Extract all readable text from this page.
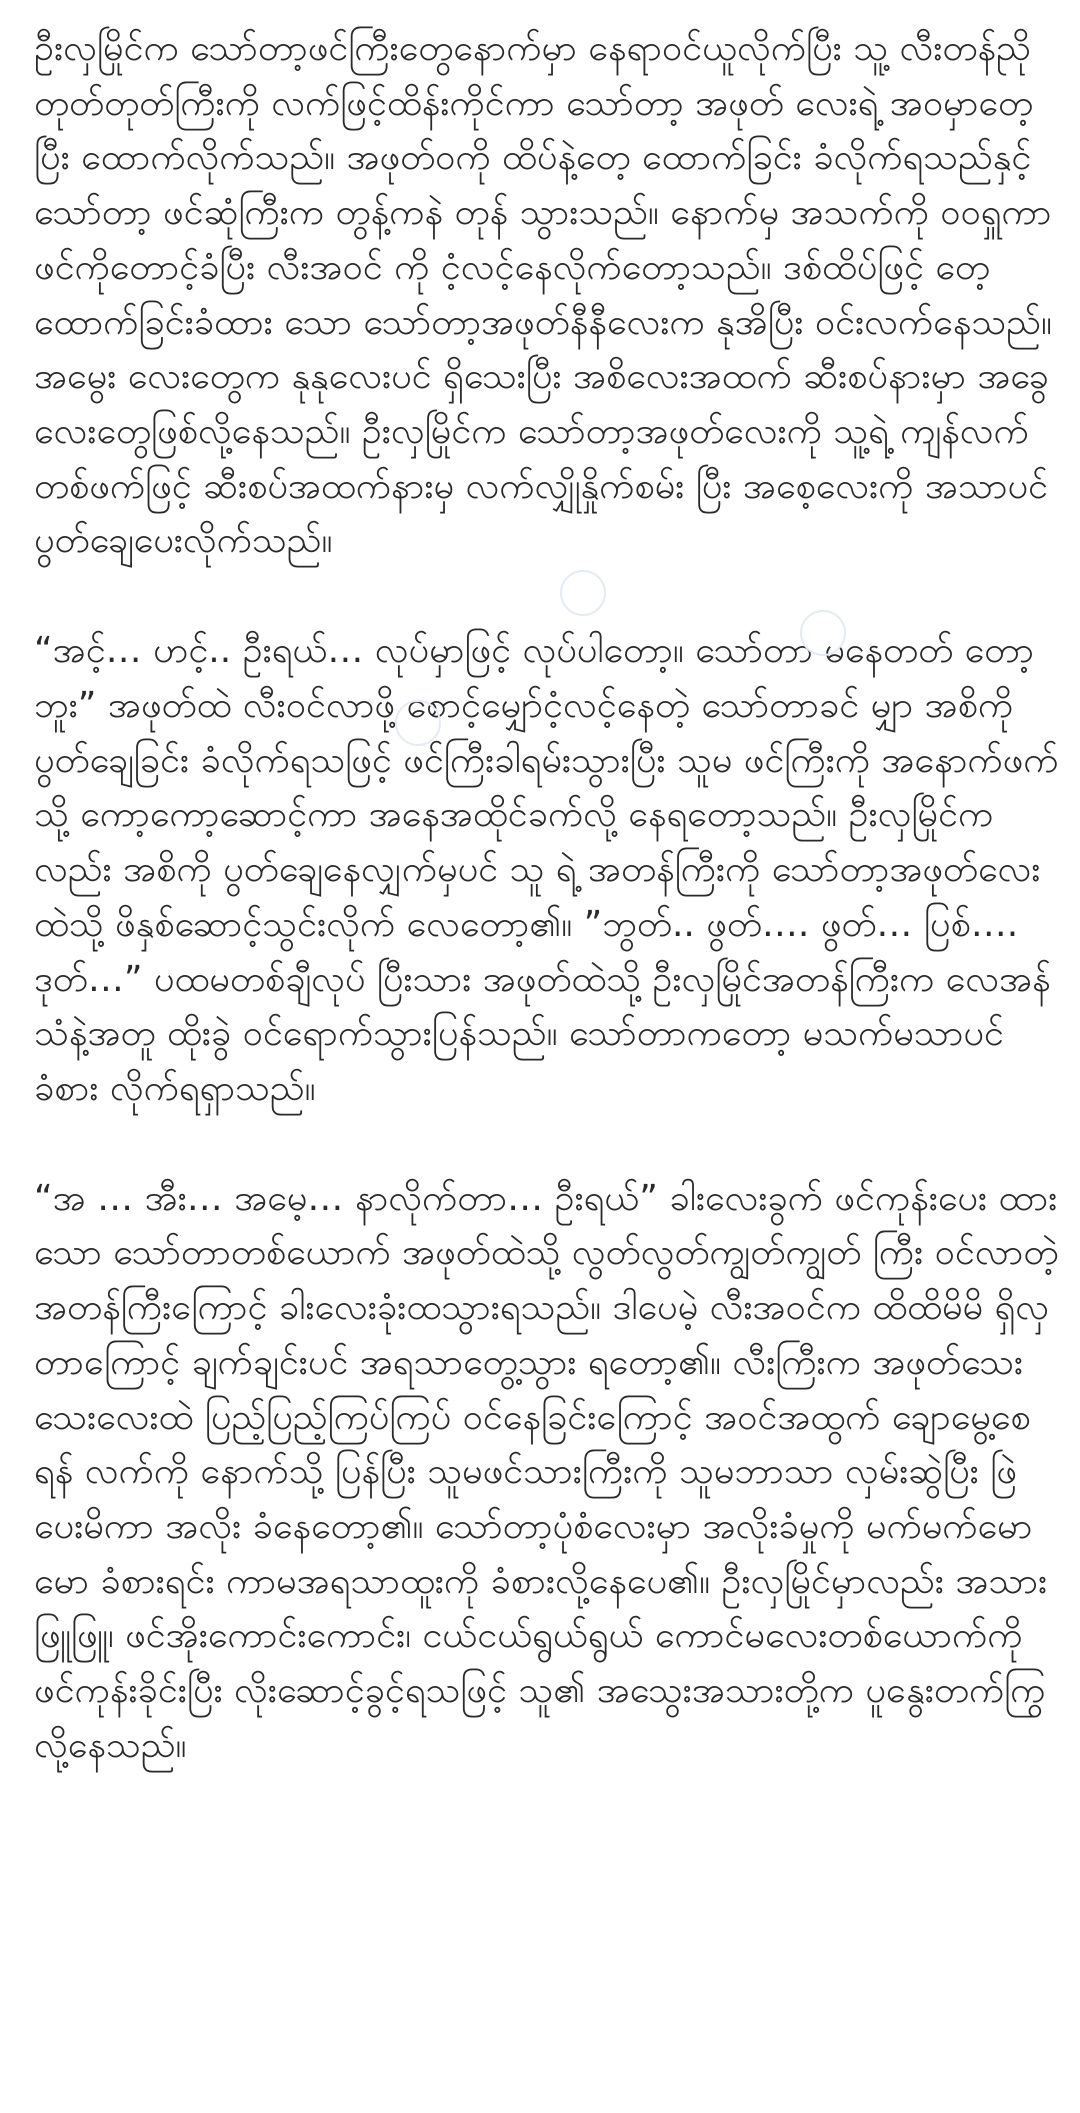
ဦးလှမြိုင်က သော်တာ့ဖင်ကြီးတွေနောက်မှာ နေရာဝင်ယူလိုက်ပြီး သူ့ လီးတန်ညိုတုတ်တုတ်ကြီးကို လက်ဖြင့်ထိန်းကိုင်ကာ သော်တာ့ အဖုတ် လေးရဲ့ အဝမှာတေ့ပြီး ထောက်လိုက်သည်။ အဖုတ်ဝကို ထိပ်နဲ့တေ့ ထောက်ခြင်း ခံလိုက်ရသည်နှင့် သော်တာ့ ဖင်ဆုံကြီးက တွန့်ကနဲ တုန် သွားသည်။ နောက်မှ အသက်ကို ဝဝရှူကာ ဖင်ကိုတောင့်ခံပြီး လီးအဝင် ကို ငံ့လင့်နေလိုက်တော့သည်။ ဒစ်ထိပ်ဖြင့် တေ့ထောက်ခြင်းခံထား သော သော်တာ့အဖုတ်နီနီလေးက နုအိပြီး ဝင်းလက်နေသည်။ အမွေး လေးတွေက နုနုလေးပင် ရှိသေးပြီး အစိလေးအထက် ဆီးစပ်နားမှာ အခွေလေးတွေဖြစ်လို့နေသည်။ ဦးလှမြိုင်က သော်တာ့အဖုတ်လေးကို သူ့ရဲ့ ကျန်လက်တစ်ဖက်ဖြင့် ဆီးစပ်အထက်နားမှ လက်လျှိုနှိုက်စမ်း ပြီး အစေ့လေးကို အသာပင် ပွတ်ချေပေးလိုက်သည်။

“အင့်… ဟင့်.. ဦးရယ်… လုပ်မှာဖြင့် လုပ်ပါတော့။ သော်တာ မနေတတ် တော့ဘူး” အဖုတ်ထဲ လီးဝင်လာဖို့ စောင့်မျှော်ငံ့လင့်နေတဲ့ သော်တာခင် မျှာ အစိကို ပွတ်ချေခြင်း ခံလိုက်ရသဖြင့် ဖင်ကြီးခါရမ်းသွားပြီး သူမ ဖင်ကြီးကို အနောက်ဖက်သို့ ကော့ကော့ဆောင့်ကာ အနေအထိုင်ခက်လို့ နေရတော့သည်။ ဦးလှမြိုင်ကလည်း အစိကို ပွတ်ချေနေလျှက်မှပင် သူ ရဲ့ အတန်ကြီးကို သော်တာ့အဖုတ်လေးထဲသို့ ဖိနှစ်ဆောင့်သွင်းလိုက် လေတော့၏။ ”ဘွတ်.. ဖွတ်…. ဖွတ်… ပြစ်…. ဒုတ်…” ပထမတစ်ချီလုပ် ပြီးသား အဖုတ်ထဲသို့ ဦးလှမြိုင်အတန်ကြီးက လေအန်သံနဲ့အတူ ထိုးခွဲ ဝင်ရောက်သွားပြန်သည်။ သော်တာကတော့ မသက်မသာပင် ခံစား လိုက်ရရှာသည်။

“အ … အီး… အမေ့… နာလိုက်တာ… ဦးရယ်” ခါးလေးခွက် ဖင်ကုန်းပေး ထားသော သော်တာတစ်ယောက် အဖုတ်ထဲသို့ လွတ်လွတ်ကျွတ်ကျွတ် ကြီး ဝင်လာတဲ့ အတန်ကြီးကြောင့် ခါးလေးခုံးထသွားရသည်။ ဒါပေမဲ့ လီးအဝင်က ထိထိမိမိ ရှိလှတာကြောင့် ချက်ချင်းပင် အရသာတွေ့သွား ရတော့၏။ လီးကြီးက အဖုတ်သေးသေးလေးထဲ ပြည့်ပြည့်ကြပ်ကြပ် ဝင်နေခြင်းကြောင့် အဝင်အထွက် ချောမွေ့စေရန် လက်ကို နောက်သို့ ပြန်ပြီး သူမဖင်သားကြီးကို သူမဘာသာ လှမ်းဆွဲပြီး ဖြဲပေးမိကာ အလိုး ခံနေတော့၏။ သော်တာ့ပုံစံလေးမှာ အလိုးခံမှုကို မက်မက်မောမော ခံစားရင်း ကာမအရသာထူးကို ခံစားလို့နေပေ၏။ ဦးလှမြိုင်မှာလည်း အသားဖြူဖြူ၊ ဖင်အိုးကောင်းကောင်း၊ ငယ်ငယ်ရွယ်ရွယ် ကောင်မလေးတစ်ယောက်ကို ဖင်ကုန်းခိုင်းပြီး လိုးဆောင့်ခွင့်ရသဖြင့် သူ၏ အသွေးအသားတို့က ပူနွေးတက်ကြွလို့နေသည်။
